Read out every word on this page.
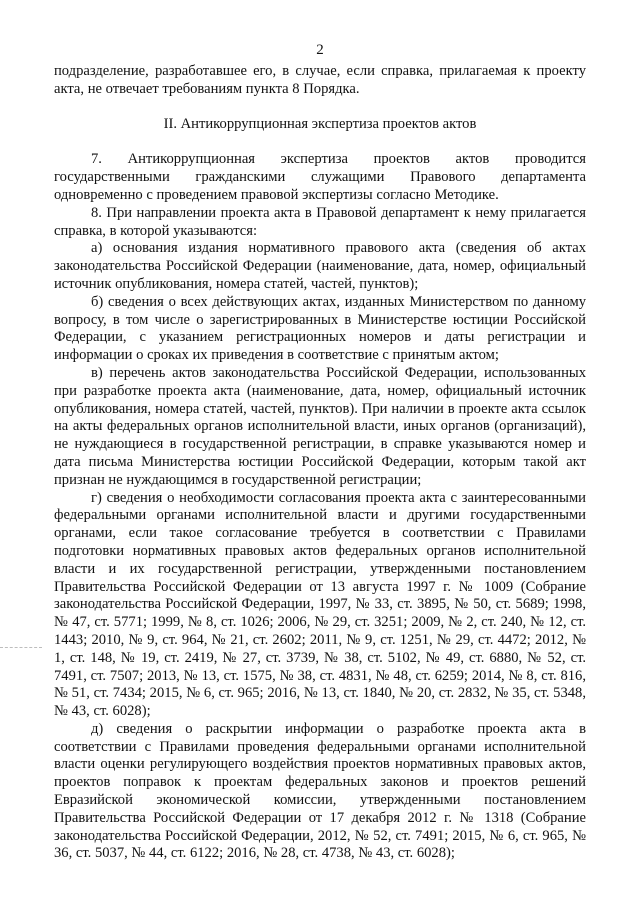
2

подразделение, разработавшее его, в случае, если справка, прилагаемая к проекту акта, не отвечает требованиям пункта 8 Порядка.

II. Антикоррупционная экспертиза проектов актов

7. Антикоррупционная экспертиза проектов актов проводится государственными гражданскими служащими Правового департамента одновременно с проведением правовой экспертизы согласно Методике.

8. При направлении проекта акта в Правовой департамент к нему прилагается справка, в которой указываются:

а) основания издания нормативного правового акта (сведения об актах законодательства Российской Федерации (наименование, дата, номер, официальный источник опубликования, номера статей, частей, пунктов);

б) сведения о всех действующих актах, изданных Министерством по данному вопросу, в том числе о зарегистрированных в Министерстве юстиции Российской Федерации, с указанием регистрационных номеров и даты регистрации и информации о сроках их приведения в соответствие с принятым актом;

в) перечень актов законодательства Российской Федерации, использованных при разработке проекта акта (наименование, дата, номер, официальный источник опубликования, номера статей, частей, пунктов). При наличии в проекте акта ссылок на акты федеральных органов исполнительной власти, иных органов (организаций), не нуждающиеся в государственной регистрации, в справке указываются номер и дата письма Министерства юстиции Российской Федерации, которым такой акт признан не нуждающимся в государственной регистрации;

г) сведения о необходимости согласования проекта акта с заинтересованными федеральными органами исполнительной власти и другими государственными органами, если такое согласование требуется в соответствии с Правилами подготовки нормативных правовых актов федеральных органов исполнительной власти и их государственной регистрации, утвержденными постановлением Правительства Российской Федерации от 13 августа 1997 г. № 1009 (Собрание законодательства Российской Федерации, 1997, № 33, ст. 3895, № 50, ст. 5689; 1998, № 47, ст. 5771; 1999, № 8, ст. 1026; 2006, № 29, ст. 3251; 2009, № 2, ст. 240, № 12, ст. 1443; 2010, № 9, ст. 964, № 21, ст. 2602; 2011, № 9, ст. 1251, № 29, ст. 4472; 2012, № 1, ст. 148, № 19, ст. 2419, № 27, ст. 3739, № 38, ст. 5102, № 49, ст. 6880, № 52, ст. 7491, ст. 7507; 2013, № 13, ст. 1575, № 38, ст. 4831, № 48, ст. 6259; 2014, № 8, ст. 816, № 51, ст. 7434; 2015, № 6, ст. 965; 2016, № 13, ст. 1840, № 20, ст. 2832, № 35, ст. 5348, № 43, ст. 6028);

д) сведения о раскрытии информации о разработке проекта акта в соответствии с Правилами проведения федеральными органами исполнительной власти оценки регулирующего воздействия проектов нормативных правовых актов, проектов поправок к проектам федеральных законов и проектов решений Евразийской экономической комиссии, утвержденными постановлением Правительства Российской Федерации от 17 декабря 2012 г. № 1318 (Собрание законодательства Российской Федерации, 2012, № 52, ст. 7491; 2015, № 6, ст. 965, № 36, ст. 5037, № 44, ст. 6122; 2016, № 28, ст. 4738, № 43, ст. 6028);
